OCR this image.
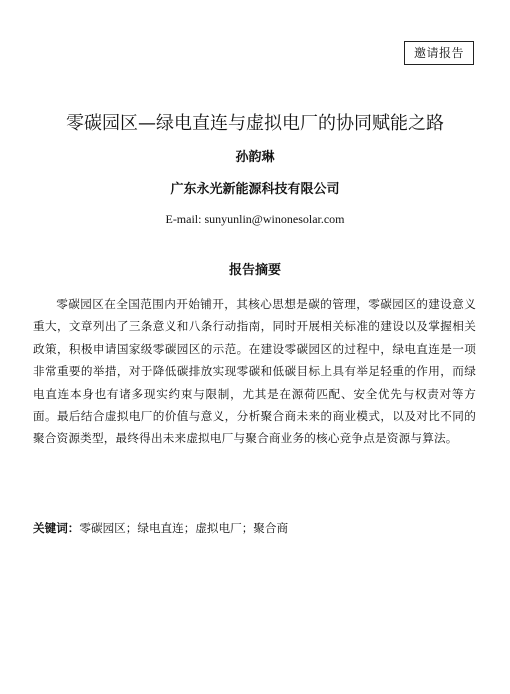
邀请报告
零碳园区—绿电直连与虚拟电厂的协同赋能之路
孙韵琳
广东永光新能源科技有限公司
E-mail: sunyunlin@winonesolar.com
报告摘要

零碳园区在全国范围内开始铺开，其核心思想是碳的管理，零碳园区的建设意义重大，文章列出了三条意义和八条行动指南，同时开展相关标准的建设以及掌握相关政策，积极申请国家级零碳园区的示范。在建设零碳园区的过程中，绿电直连是一项非常重要的举措，对于降低碳排放实现零碳和低碳目标上具有举足轻重的作用，而绿电直连本身也有诸多现实约束与限制，尤其是在源荷匹配、安全优先与权责对等方面。最后结合虚拟电厂的价值与意义，分析聚合商未来的商业模式，以及对比不同的聚合资源类型，最终得出未来虚拟电厂与聚合商业务的核心竞争点是资源与算法。

关键词：零碳园区；绿电直连；虚拟电厂；聚合商
